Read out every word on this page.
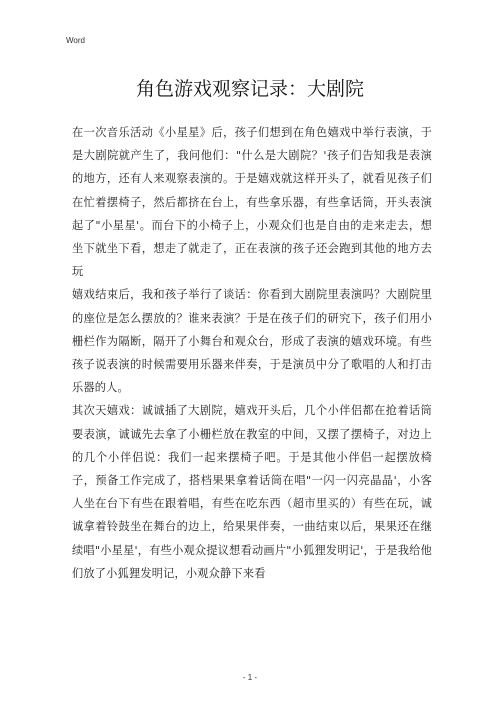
Word
角色游戏观察记录：大剧院

在一次音乐活动《小星星》后，孩子们想到在角色嬉戏中举行表演，于是大剧院就产生了，我问他们："什么是大剧院？'孩子们告知我是表演的地方，还有人来观察表演的。于是嬉戏就这样开头了，就看见孩子们在忙着摆椅子，然后都挤在台上，有些拿乐器，有些拿话筒，开头表演起了"小星星'。而台下的小椅子上，小观众们也是自由的走来走去，想坐下就坐下看，想走了就走了，正在表演的孩子还会跑到其他的地方去玩

嬉戏结束后，我和孩子举行了谈话：你看到大剧院里表演吗？大剧院里的座位是怎么摆放的？谁来表演？于是在孩子们的研究下，孩子们用小栅栏作为隔断，隔开了小舞台和观众台，形成了表演的嬉戏环境。有些孩子说表演的时候需要用乐器来伴奏，于是演员中分了歌唱的人和打击乐器的人。

其次天嬉戏：诚诚插了大剧院，嬉戏开头后，几个小伴侣都在抢着话筒要表演，诚诚先去拿了小栅栏放在教室的中间，又摆了摆椅子，对边上的几个小伴侣说：我们一起来摆椅子吧。于是其他小伴侣一起摆放椅子，预备工作完成了，搭档果果拿着话筒在唱"一闪一闪亮晶晶'，小客人坐在台下有些在跟着唱，有些在吃东西（超市里买的）有些在玩，诚诚拿着铃鼓坐在舞台的边上，给果果伴奏，一曲结束以后，果果还在继续唱"小星星'，有些小观众提议想看动画片"小狐狸发明记'，于是我给他们放了小狐狸发明记，小观众静下来看

- 1 -
